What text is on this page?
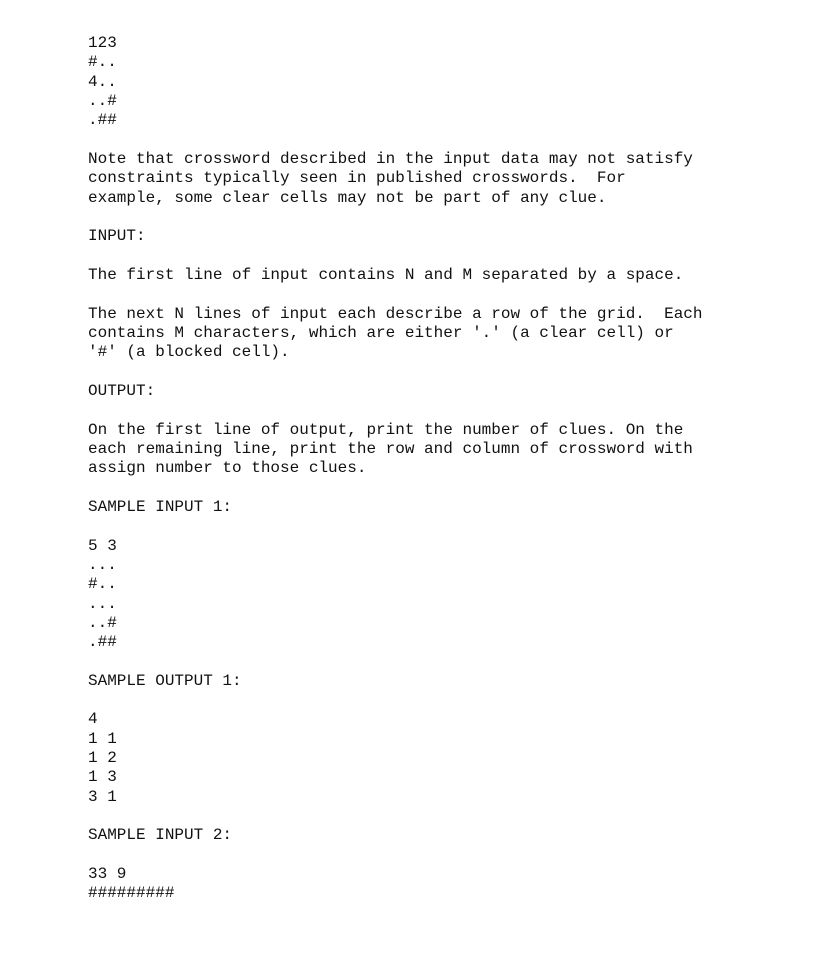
123
#..
4..
..#
.##
Note that crossword described in the input data may not satisfy
constraints typically seen in published crosswords.  For
example, some clear cells may not be part of any clue.
INPUT:
The first line of input contains N and M separated by a space.
The next N lines of input each describe a row of the grid.  Each
contains M characters, which are either '.' (a clear cell) or
'#' (a blocked cell).
OUTPUT:
On the first line of output, print the number of clues. On the
each remaining line, print the row and column of crossword with
assign number to those clues.
SAMPLE INPUT 1:
5 3
...
#..
...
..#
.##
SAMPLE OUTPUT 1:
4
1 1
1 2
1 3
3 1
SAMPLE INPUT 2:
33 9
#########
